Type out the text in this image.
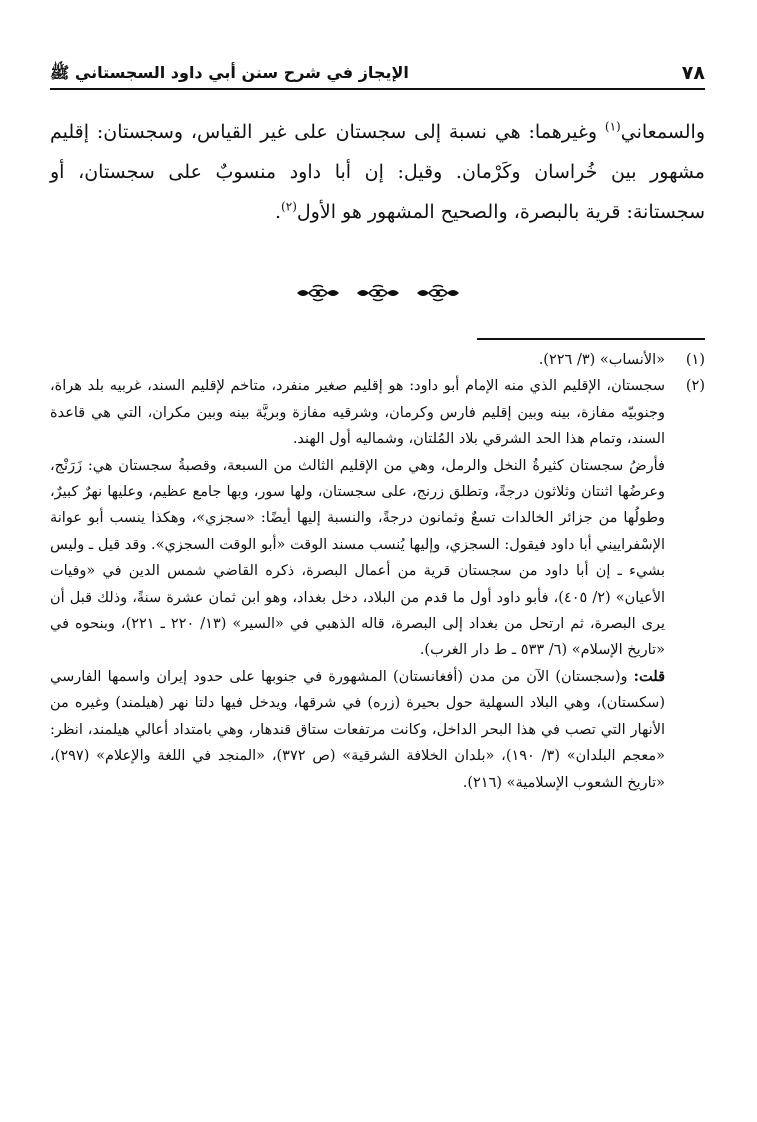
٧٨
الإيجاز في شرح سنن أبي داود السجستاني ﷺ

والسمعاني$^{(١)}$ وغيرهما: هي نسبة إلى سجستان على غير القياس، وسجستان: إقليم مشهور بين خُراسان وكَرْمان. وقيل: إن أبا داود منسوبٌ على سجستان، أو سجستانة: قرية بالبصرة، والصحيح المشهور هو الأول$^{(٢)}$.

(١)

«الأنساب» (٣/ ٢٢٦).

(٢)

سجستان، الإقليم الذي منه الإمام أبو داود: هو إقليم صغير منفرد، متاخم لإقليم السند، غربيه بلد هراة، وجنوبيّه مفازة، بينه وبين إقليم فارس وكرمان، وشرقيه مفازة وبريَّة بينه وبين مكران، التي هي قاعدة السند، وتمام هذا الحد الشرقي بلاد المُلتان، وشماليه أول الهند.

فأرضُ سجستان كثيرةُ النخل والرمل، وهي من الإقليم الثالث من السبعة، وقصبةُ سجستان هي: زَرَنْج، وعرضُها اثنتان وثلاثون درجةً، وتطلق زرنج، على سجستان، ولها سور، وبها جامع عظيم، وعليها نهرٌ كبيرٌ، وطولُها من جزائر الخالدات تسعٌ وثمانون درجةً، والنسبة إليها أيضًا: «سجزي»، وهكذا ينسب أبو عوانة الإسْفراييني أبا داود فيقول: السجزي، وإليها يُنسب مسند الوقت «أبو الوقت السجزي». وقد قيل ـ وليس بشيء ـ إن أبا داود من سجستان قرية من أعمال البصرة، ذكره القاضي شمس الدين في «وفيات الأعيان» (٢/ ٤٠٥)، فأبو داود أول ما قدم من البلاد، دخل بغداد، وهو ابن ثمان عشرة سنةً، وذلك قبل أن يرى البصرة، ثم ارتحل من بغداد إلى البصرة، قاله الذهبي في «السير» (١٣/ ٢٢٠ ـ ٢٢١)، وبنحوه في «تاريخ الإسلام» (٦/ ٥٣٣ ـ ط دار الغرب).

قلت: و(سجستان) الآن من مدن (أفغانستان) المشهورة في جنوبها على حدود إيران واسمها الفارسي (سكستان)، وهي البلاد السهلية حول بحيرة (زره) في شرقها، ويدخل فيها دلتا نهر (هيلمند) وغيره من الأنهار التي تصب في هذا البحر الداخل، وكانت مرتفعات ستاق قندهار، وهي بامتداد أعالي هيلمند، انظر: «معجم البلدان» (٣/ ١٩٠)، «بلدان الخلافة الشرقية» (ص ٣٧٢)، «المنجد في اللغة والإعلام» (٢٩٧)، «تاريخ الشعوب الإسلامية» (٢١٦).
